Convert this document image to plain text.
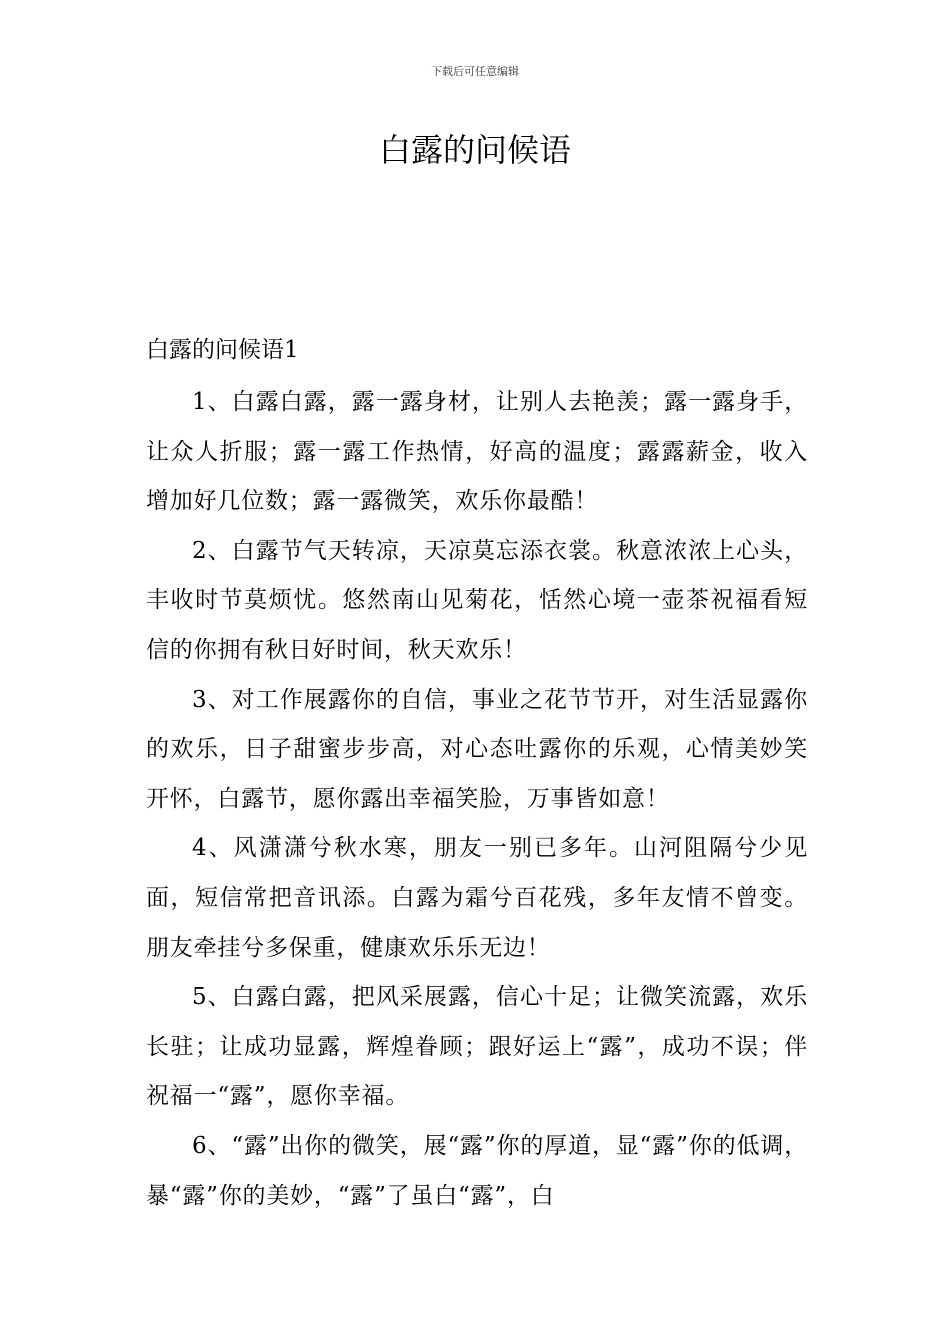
下载后可任意编辑
白露的问候语
白露的问候语1

1、白露白露，露一露身材，让别人去艳羡；露一露身手，让众人折服；露一露工作热情，好高的温度；露露薪金，收入增加好几位数；露一露微笑，欢乐你最酷！

2、白露节气天转凉，天凉莫忘添衣裳。秋意浓浓上心头，丰收时节莫烦忧。悠然南山见菊花，恬然心境一壶茶祝福看短信的你拥有秋日好时间，秋天欢乐！

3、对工作展露你的自信，事业之花节节开，对生活显露你的欢乐，日子甜蜜步步高，对心态吐露你的乐观，心情美妙笑开怀，白露节，愿你露出幸福笑脸，万事皆如意！

4、风潇潇兮秋水寒，朋友一别已多年。山河阻隔兮少见面，短信常把音讯添。白露为霜兮百花残，多年友情不曾变。朋友牵挂兮多保重，健康欢乐乐无边！

5、白露白露，把风采展露，信心十足；让微笑流露，欢乐长驻；让成功显露，辉煌眷顾；跟好运上“露”，成功不误；伴祝福一“露”，愿你幸福。

6、“露”出你的微笑，展“露”你的厚道，显“露”你的低调，暴“露”你的美妙，“露”了虽白“露”，白
